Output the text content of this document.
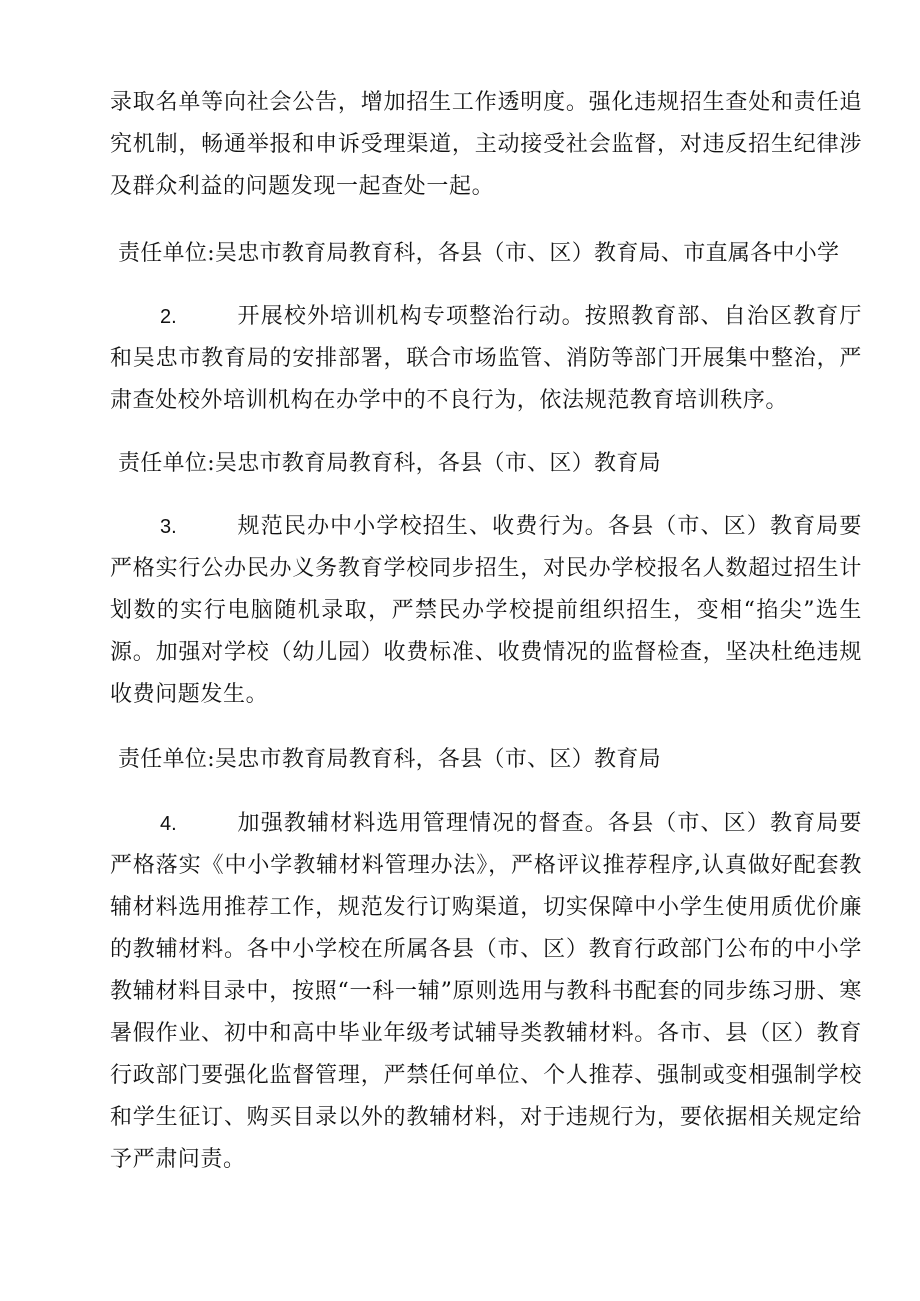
录取名单等向社会公告，增加招生工作透明度。强化违规招生查处和责任追究机制，畅通举报和申诉受理渠道，主动接受社会监督，对违反招生纪律涉及群众利益的问题发现一起查处一起。

责任单位:吴忠市教育局教育科，各县（市、区）教育局、市直属各中小学

2.	开展校外培训机构专项整治行动。按照教育部、自治区教育厅和吴忠市教育局的安排部署，联合市场监管、消防等部门开展集中整治，严肃查处校外培训机构在办学中的不良行为，依法规范教育培训秩序。

责任单位:吴忠市教育局教育科，各县（市、区）教育局

3.	规范民办中小学校招生、收费行为。各县（市、区）教育局要严格实行公办民办义务教育学校同步招生，对民办学校报名人数超过招生计划数的实行电脑随机录取，严禁民办学校提前组织招生，变相“掐尖”选生源。加强对学校（幼儿园）收费标准、收费情况的监督检查，坚决杜绝违规收费问题发生。

责任单位:吴忠市教育局教育科，各县（市、区）教育局

4.	加强教辅材料选用管理情况的督查。各县（市、区）教育局要严格落实《中小学教辅材料管理办法》，严格评议推荐程序,认真做好配套教辅材料选用推荐工作，规范发行订购渠道，切实保障中小学生使用质优价廉的教辅材料。各中小学校在所属各县（市、区）教育行政部门公布的中小学教辅材料目录中，按照“一科一辅”原则选用与教科书配套的同步练习册、寒暑假作业、初中和高中毕业年级考试辅导类教辅材料。各市、县（区）教育行政部门要强化监督管理，严禁任何单位、个人推荐、强制或变相强制学校和学生征订、购买目录以外的教辅材料，对于违规行为，要依据相关规定给予严肃问责。
